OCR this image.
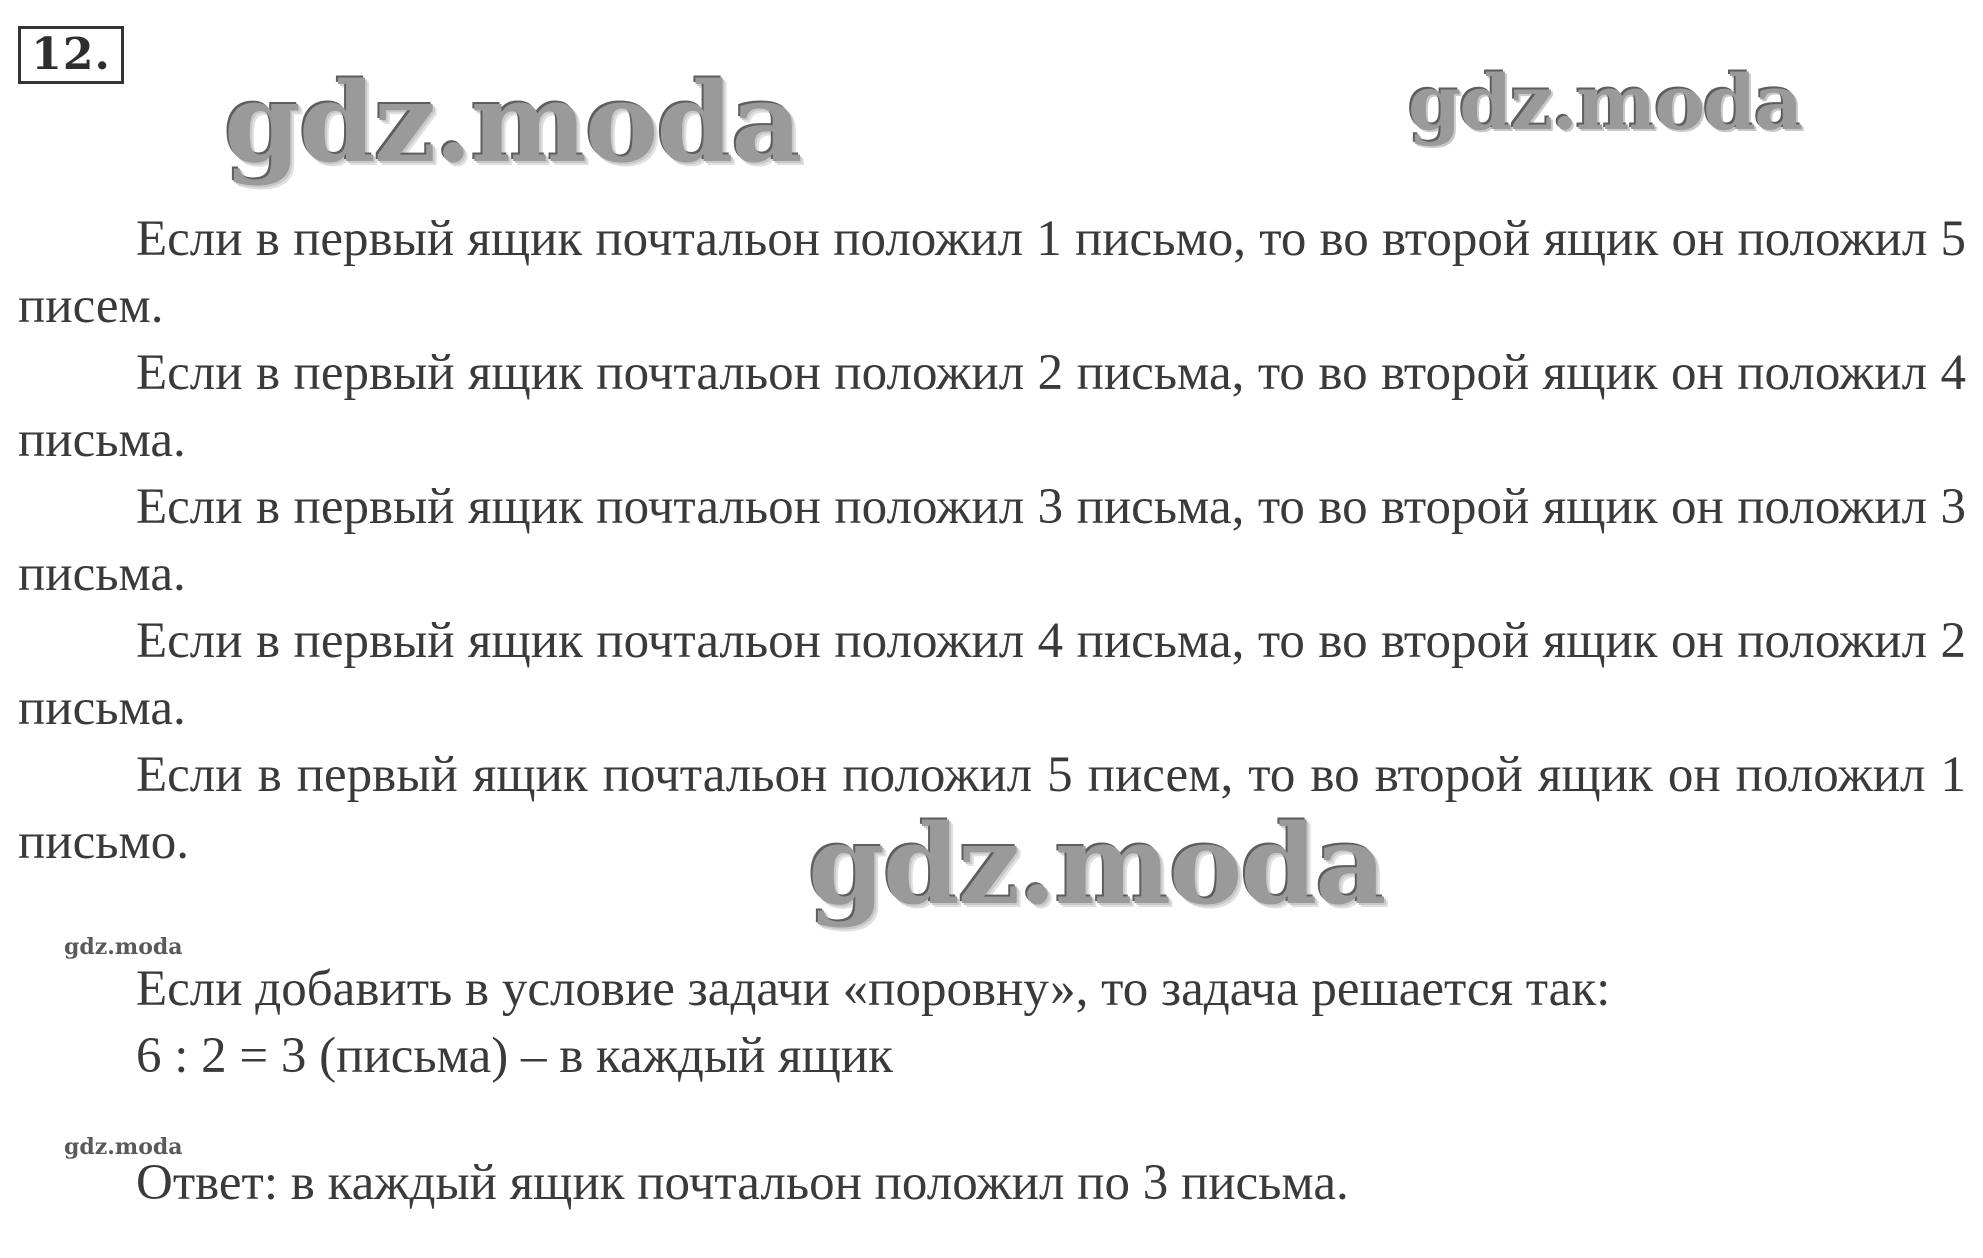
12.
gdz.moda	gdz.moda
gdz.moda
gdz.moda
gdz.moda

Если в первый ящик почтальон положил 1 письмо, то во второй ящик он положил 5 писем.

Если в первый ящик почтальон положил 2 письма, то во второй ящик он положил 4 письма.

Если в первый ящик почтальон положил 3 письма, то во второй ящик он положил 3 письма.

Если в первый ящик почтальон положил 4 письма, то во второй ящик он положил 2 письма.

Если в первый ящик почтальон положил 5 писем, то во второй ящик он положил 1 письмо.

Если добавить в условие задачи «поровну», то задача решается так:

6 : 2 = 3 (письма) – в каждый ящик

Ответ: в каждый ящик почтальон положил по 3 письма.
